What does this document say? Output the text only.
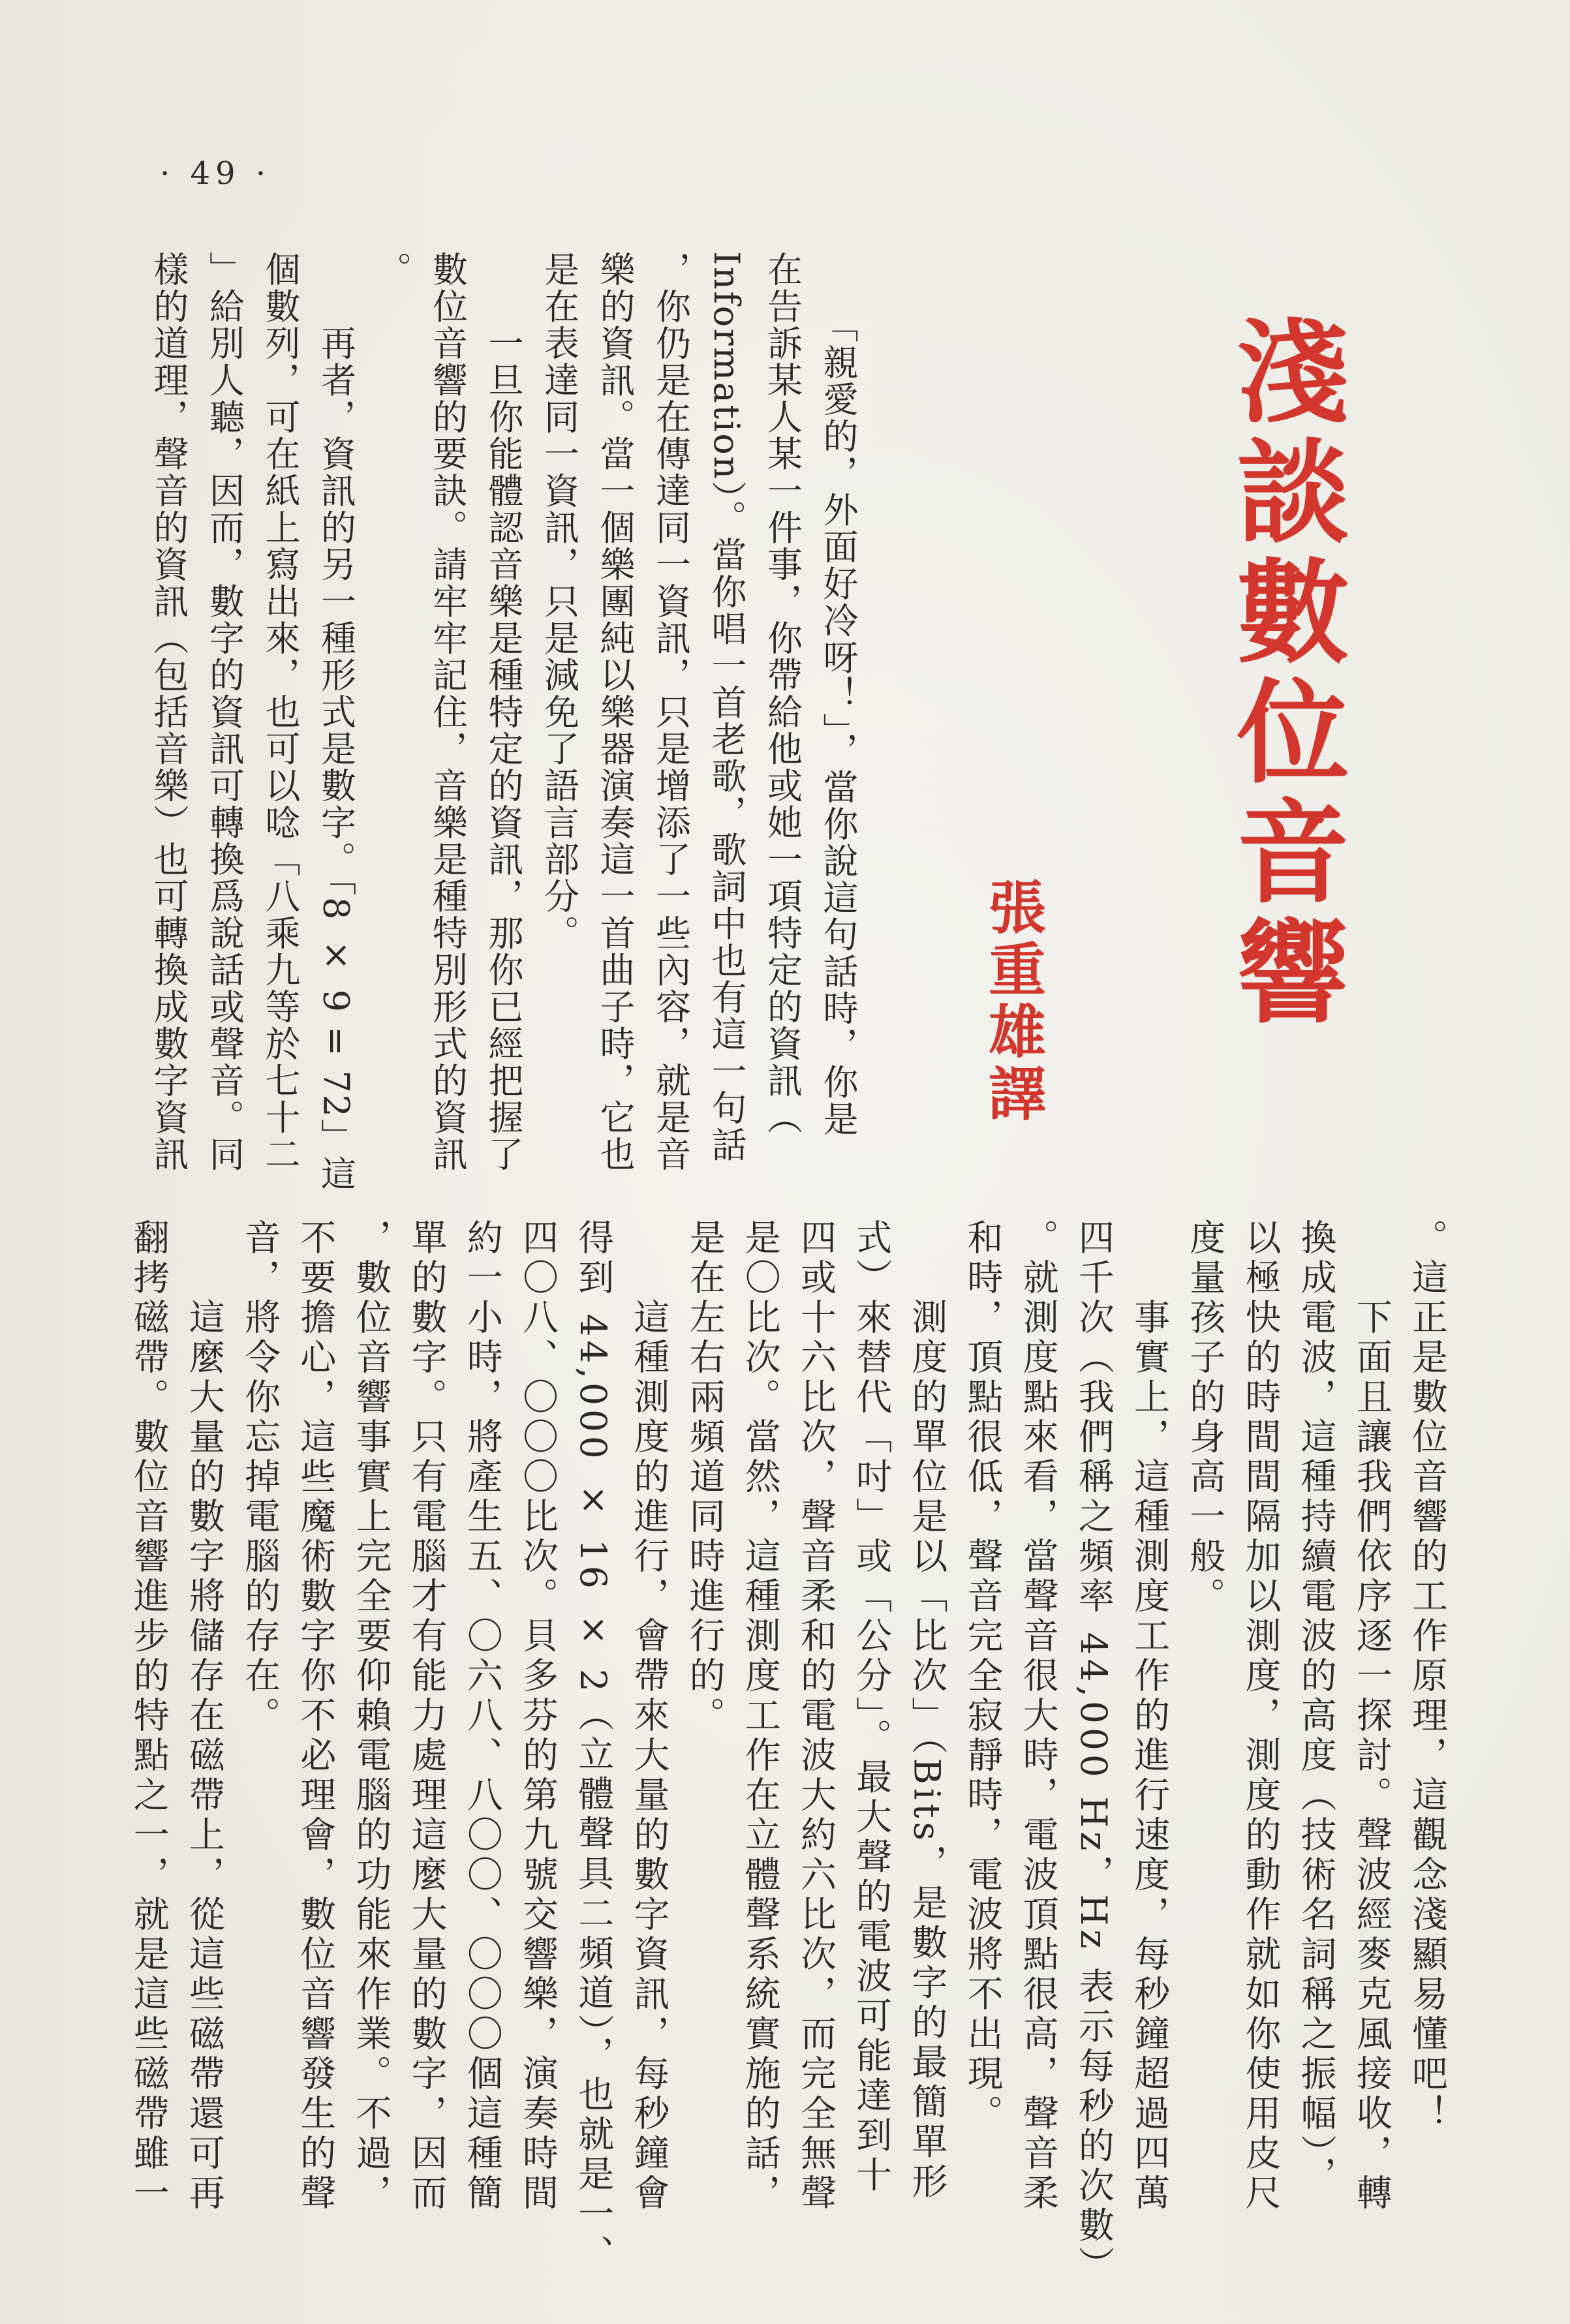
· 49 ·
淺談數位音響
張重雄譯
　　「親愛的，外面好冷呀！」，當你說這句話時，你是
在告訴某人某一件事，你帶給他或她一項特定的資訊（
Information）。當你唱一首老歌，歌詞中也有這一句話
，你仍是在傳達同一資訊，只是增添了一些內容，就是音
樂的資訊。當一個樂團純以樂器演奏這一首曲子時，它也
是在表達同一資訊，只是減免了語言部分。
　　一旦你能體認音樂是種特定的資訊，那你已經把握了
數位音響的要訣。請牢牢記住，音樂是種特別形式的資訊
。
　　再者，資訊的另一種形式是數字。「8 × 9 = 72」這
個數列，可在紙上寫出來，也可以唸「八乘九等於七十二
」給別人聽，因而，數字的資訊可轉換爲說話或聲音。同
樣的道理，聲音的資訊（包括音樂）也可轉換成數字資訊
。這正是數位音響的工作原理，這觀念淺顯易懂吧！
　　下面且讓我們依序逐一探討。聲波經麥克風接收，轉
換成電波，這種持續電波的高度（技術名詞稱之振幅），
以極快的時間間隔加以測度，測度的動作就如你使用皮尺
度量孩子的身高一般。
　　事實上，這種測度工作的進行速度，每秒鐘超過四萬
四千次（我們稱之頻率 44,000 Hz，Hz 表示每秒的次數）
。就測度點來看，當聲音很大時，電波頂點很高，聲音柔
和時，頂點很低，聲音完全寂靜時，電波將不出現。
　　測度的單位是以「比次」（Bits，是數字的最簡單形
式）來替代「吋」或「公分」。最大聲的電波可能達到十
四或十六比次，聲音柔和的電波大約六比次，而完全無聲
是〇比次。當然，這種測度工作在立體聲系統實施的話，
是在左右兩頻道同時進行的。
　　這種測度的進行，會帶來大量的數字資訊，每秒鐘會
得到 44,000 × 16 × 2（立體聲具二頻道），也就是一、
四〇八、〇〇〇比次。貝多芬的第九號交響樂，演奏時間
約一小時，將產生五、〇六八、八〇〇、〇〇〇個這種簡
單的數字。只有電腦才有能力處理這麼大量的數字，因而
，數位音響事實上完全要仰賴電腦的功能來作業。不過，
不要擔心，這些魔術數字你不必理會，數位音響發生的聲
音，將令你忘掉電腦的存在。
　　這麼大量的數字將儲存在磁帶上，從這些磁帶還可再
翻拷磁帶。數位音響進步的特點之一，就是這些磁帶雖一
